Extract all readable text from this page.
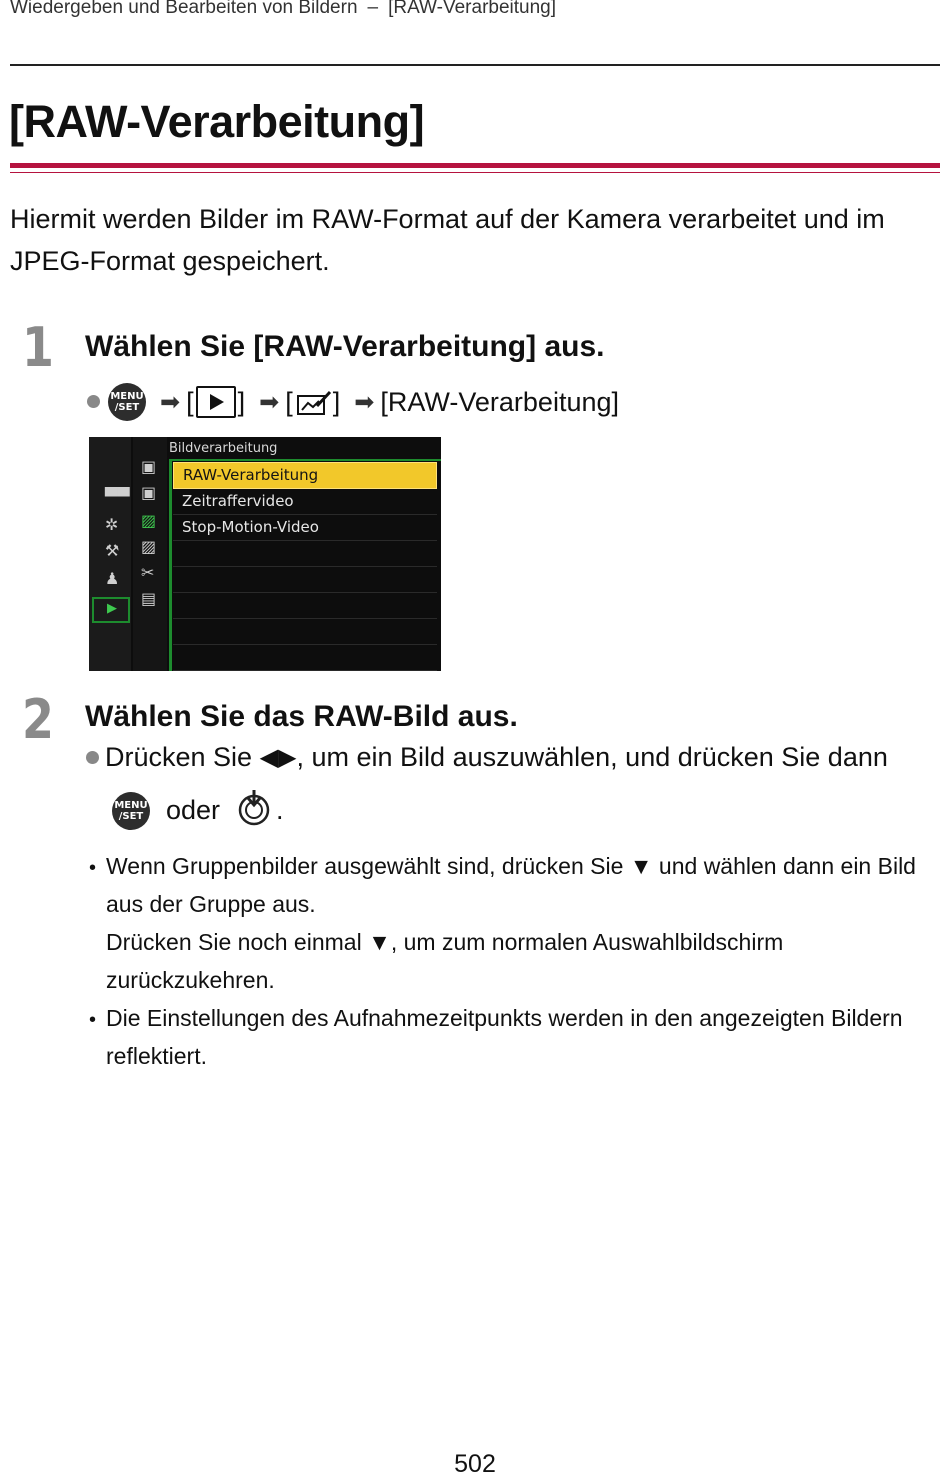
Wiedergeben und Bearbeiten von Bildern – [RAW-Verarbeitung]
[RAW-Verarbeitung]
Hiermit werden Bilder im RAW-Format auf der Kamera verarbeitet und im JPEG-Format gespeichert.
1 Wählen Sie [RAW-Verarbeitung] aus.
MENU
/SET ➡ [ ] ➡ [ ] ➡ [RAW-Verarbeitung]
▀▀
✲
⚒
♟
▶
▣
▣
▨
▨
✂
▤
Bildverarbeitung
RAW-Verarbeitung
Zeitraffervideo
Stop-Motion-Video
2 Wählen Sie das RAW-Bild aus.
Drücken Sie ◀▶ , um ein Bild auszuwählen, und drücken Sie dann
MENU
/SET oder .
• Wenn Gruppenbilder ausgewählt sind, drücken Sie ▼ und wählen dann ein Bild aus der Gruppe aus.
Drücken Sie noch einmal ▼, um zum normalen Auswahlbildschirm zurückzukehren.
• Die Einstellungen des Aufnahmezeitpunkts werden in den angezeigten Bildern reflektiert.
502
